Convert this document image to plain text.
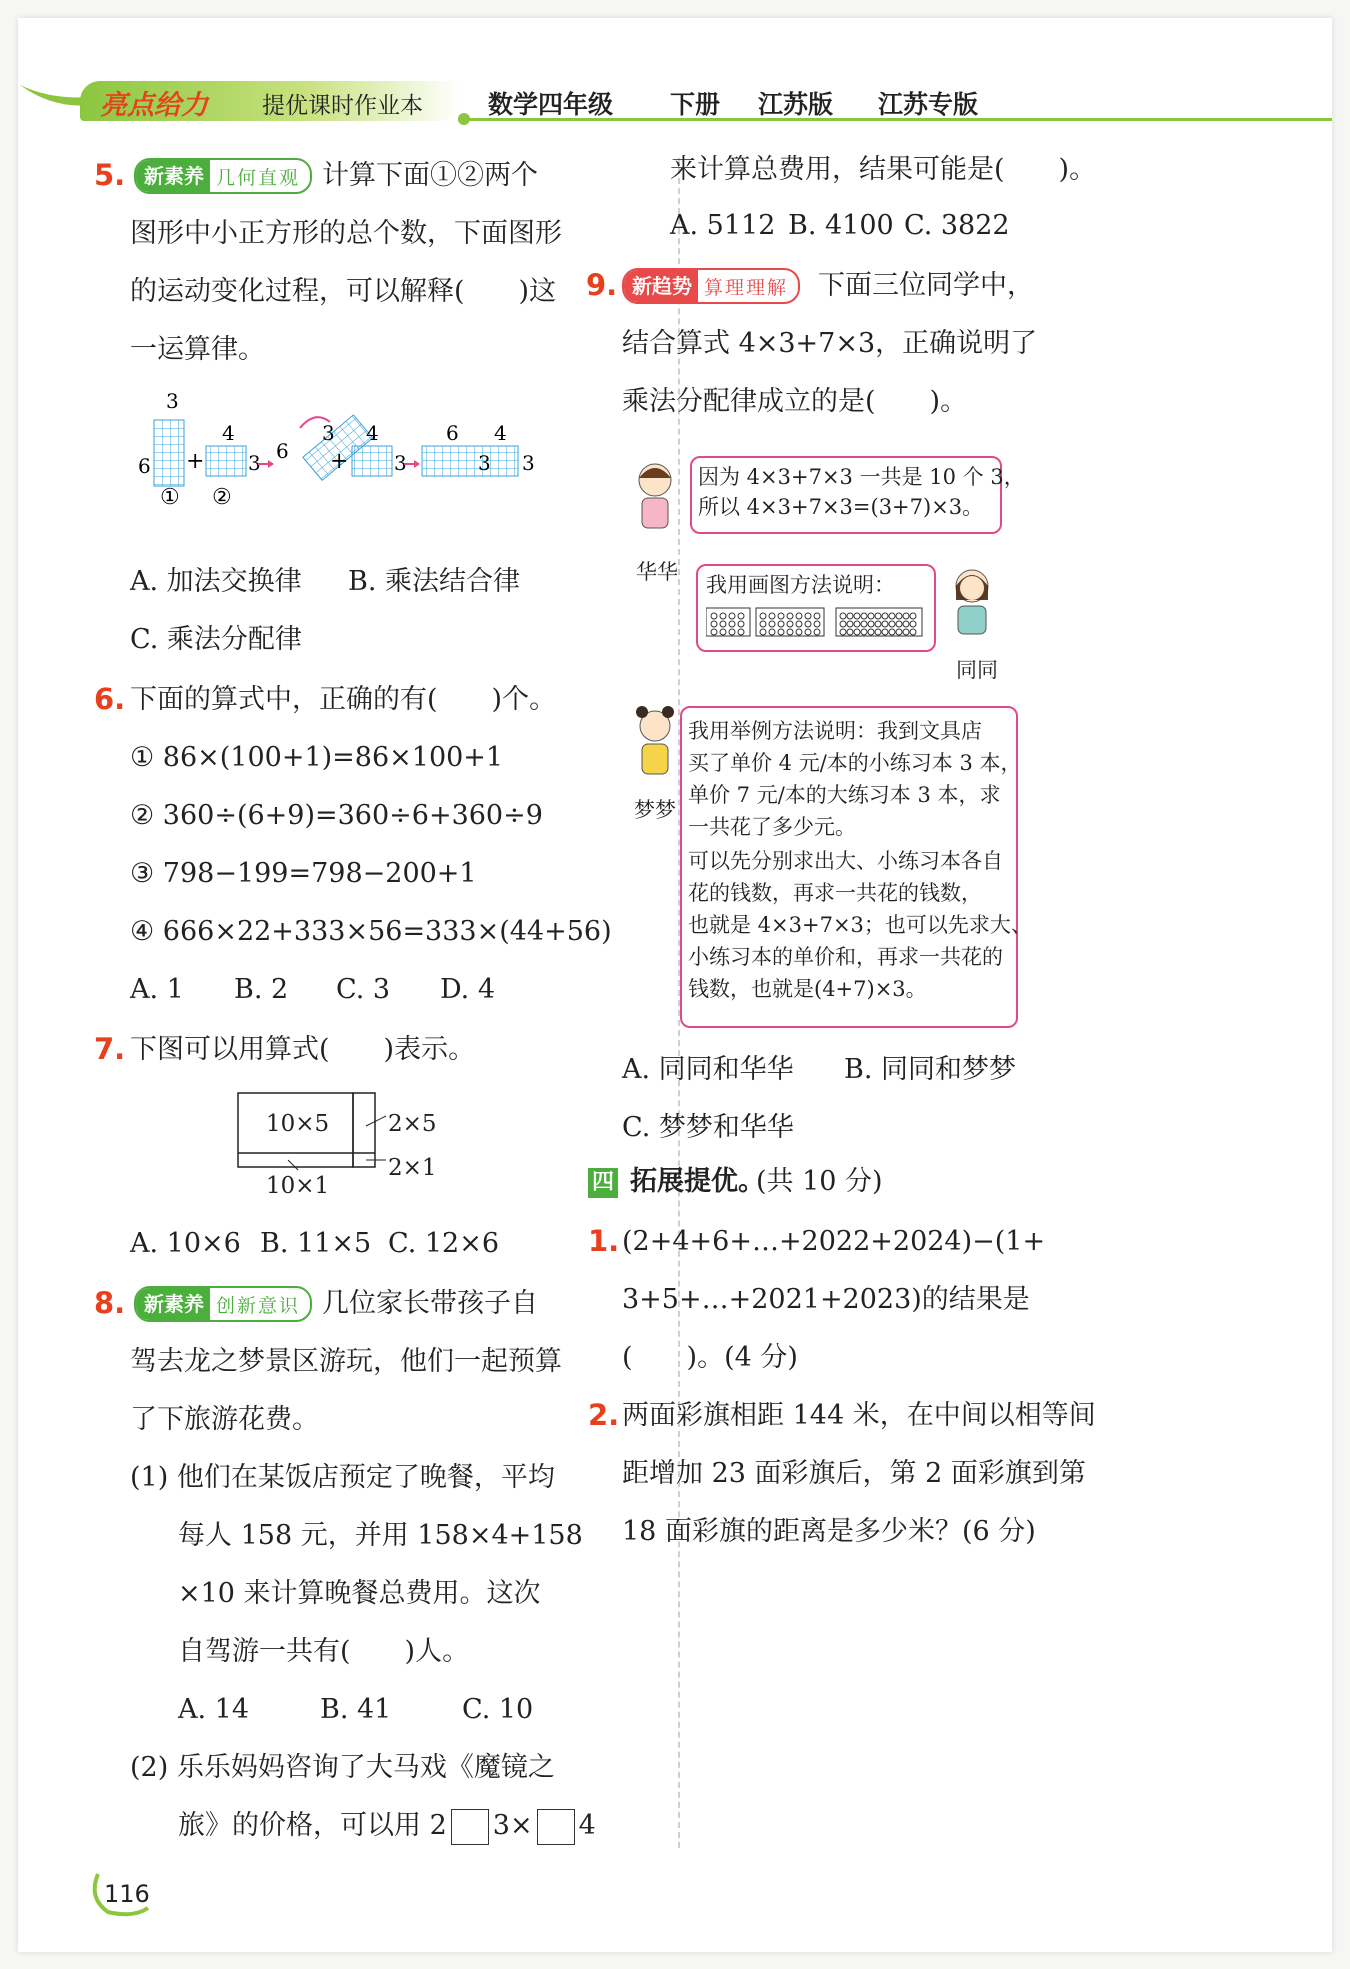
亮点给力 提优课时作业本	数学四年级 下册 江苏版 江苏专版
5. 新素养 几何直观 计算下面①②两个
图形中小正方形的总个数，下面图形
的运动变化过程，可以解释(　　)这
一运算律。
3
6 +
4
3 6
3
+
4
3
6 4
3 3
① ②
A. 加法交换律 B. 乘法结合律
C. 乘法分配律
6. 下面的算式中，正确的有(　　)个。
① 86×(100+1)=86×100+1
② 360÷(6+9)=360÷6+360÷9
③ 798−199=798−200+1
④ 666×22+333×56=333×(44+56)
A. 1 B. 2 C. 3 D. 4
7. 下图可以用算式(　　)表示。
10×5	2×5
2×1
10×1
A. 10×6 B. 11×5 C. 12×6
8. 新素养 创新意识 几位家长带孩子自
驾去龙之梦景区游玩，他们一起预算
了下旅游花费。
(1) 他们在某饭店预定了晚餐，平均
每人 158 元，并用 158×4+158
×10 来计算晚餐总费用。这次
自驾游一共有(　　)人。
A. 14	B. 41	C. 10
(2) 乐乐妈妈咨询了大马戏《魔镜之
旅》的价格，可以用 2 3× 4
116
来计算总费用，结果可能是(　　)。
A. 5112 B. 4100 C. 3822
9. 新趋势 算理理解	下面三位同学中，
结合算式 4×3+7×3，正确说明了
乘法分配律成立的是(　　)。
华华
因为 4×3+7×3 一共是 10 个 3，
所以 4×3+7×3=(3+7)×3。
我用画图方法说明：
同同
梦梦
我用举例方法说明：我到文具店
买了单价 4 元/本的小练习本 3 本，
单价 7 元/本的大练习本 3 本，求
一共花了多少元。
可以先分别求出大、小练习本各自
花的钱数，再求一共花的钱数，
也就是 4×3+7×3；也可以先求大、
小练习本的单价和，再求一共花的
钱数，也就是(4+7)×3。
A. 同同和华华 B. 同同和梦梦
C. 梦梦和华华
四 拓展提优。
(共 10 分)
1. (2+4+6+…+2022+2024)−(1+
3+5+…+2021+2023)的结果是
(　　)。(4 分)
2. 两面彩旗相距 144 米，在中间以相等间
距增加 23 面彩旗后，第 2 面彩旗到第
18 面彩旗的距离是多少米？(6 分)
